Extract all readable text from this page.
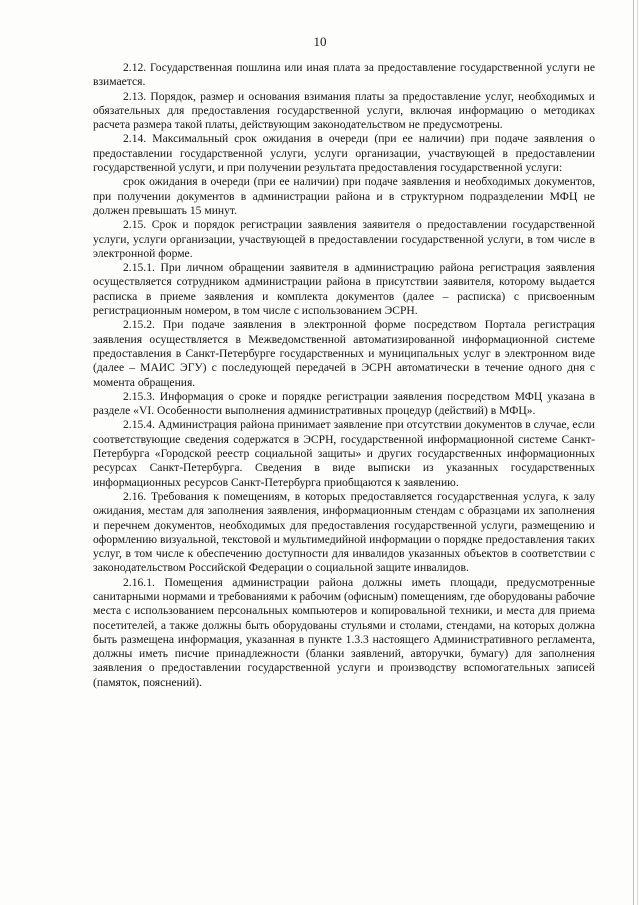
10

2.12. Государственная пошлина или иная плата за предоставление государственной услуги не взимается.

2.13. Порядок, размер и основания взимания платы за предоставление услуг, необходимых и обязательных для предоставления государственной услуги, включая информацию о методиках расчета размера такой платы, действующим законодательством не предусмотрены.

2.14. Максимальный срок ожидания в очереди (при ее наличии) при подаче заявления о предоставлении государственной услуги, услуги организации, участвующей в предоставлении государственной услуги, и при получении результата предоставления государственной услуги:

срок ожидания в очереди (при ее наличии) при подаче заявления и необходимых документов, при получении документов в администрации района и в структурном подразделении МФЦ не должен превышать 15 минут.

2.15. Срок и порядок регистрации заявления заявителя о предоставлении государственной услуги, услуги организации, участвующей в предоставлении государственной услуги, в том числе в электронной форме.

2.15.1. При личном обращении заявителя в администрацию района регистрация заявления осуществляется сотрудником администрации района в присутствии заявителя, которому выдается расписка в приеме заявления и комплекта документов (далее – расписка) с присвоенным регистрационным номером, в том числе с использованием ЭСРН.

2.15.2. При подаче заявления в электронной форме посредством Портала регистрация заявления осуществляется в Межведомственной автоматизированной информационной системе предоставления в Санкт-Петербурге государственных и муниципальных услуг в электронном виде (далее – МАИС ЭГУ) с последующей передачей в ЭСРН автоматически в течение одного дня с момента обращения.

2.15.3. Информация о сроке и порядке регистрации заявления посредством МФЦ указана в разделе «VI. Особенности выполнения административных процедур (действий) в МФЦ».

2.15.4. Администрация района принимает заявление при отсутствии документов в случае, если соответствующие сведения содержатся в ЭСРН, государственной информационной системе Санкт-Петербурга «Городской реестр социальной защиты» и других государственных информационных ресурсах Санкт-Петербурга. Сведения в виде выписки из указанных государственных информационных ресурсов Санкт-Петербурга приобщаются к заявлению.

2.16. Требования к помещениям, в которых предоставляется государственная услуга, к залу ожидания, местам для заполнения заявления, информационным стендам с образцами их заполнения и перечнем документов, необходимых для предоставления государственной услуги, размещению и оформлению визуальной, текстовой и мультимедийной информации о порядке предоставления таких услуг, в том числе к обеспечению доступности для инвалидов указанных объектов в соответствии с законодательством Российской Федерации о социальной защите инвалидов.

2.16.1. Помещения администрации района должны иметь площади, предусмотренные санитарными нормами и требованиями к рабочим (офисным) помещениям, где оборудованы рабочие места с использованием персональных компьютеров и копировальной техники, и места для приема посетителей, а также должны быть оборудованы стульями и столами, стендами, на которых должна быть размещена информация, указанная в пункте 1.3.3 настоящего Административного регламента, должны иметь писчие принадлежности (бланки заявлений, авторучки, бумагу) для заполнения заявления о предоставлении государственной услуги и производству вспомогательных записей (памяток, пояснений).
